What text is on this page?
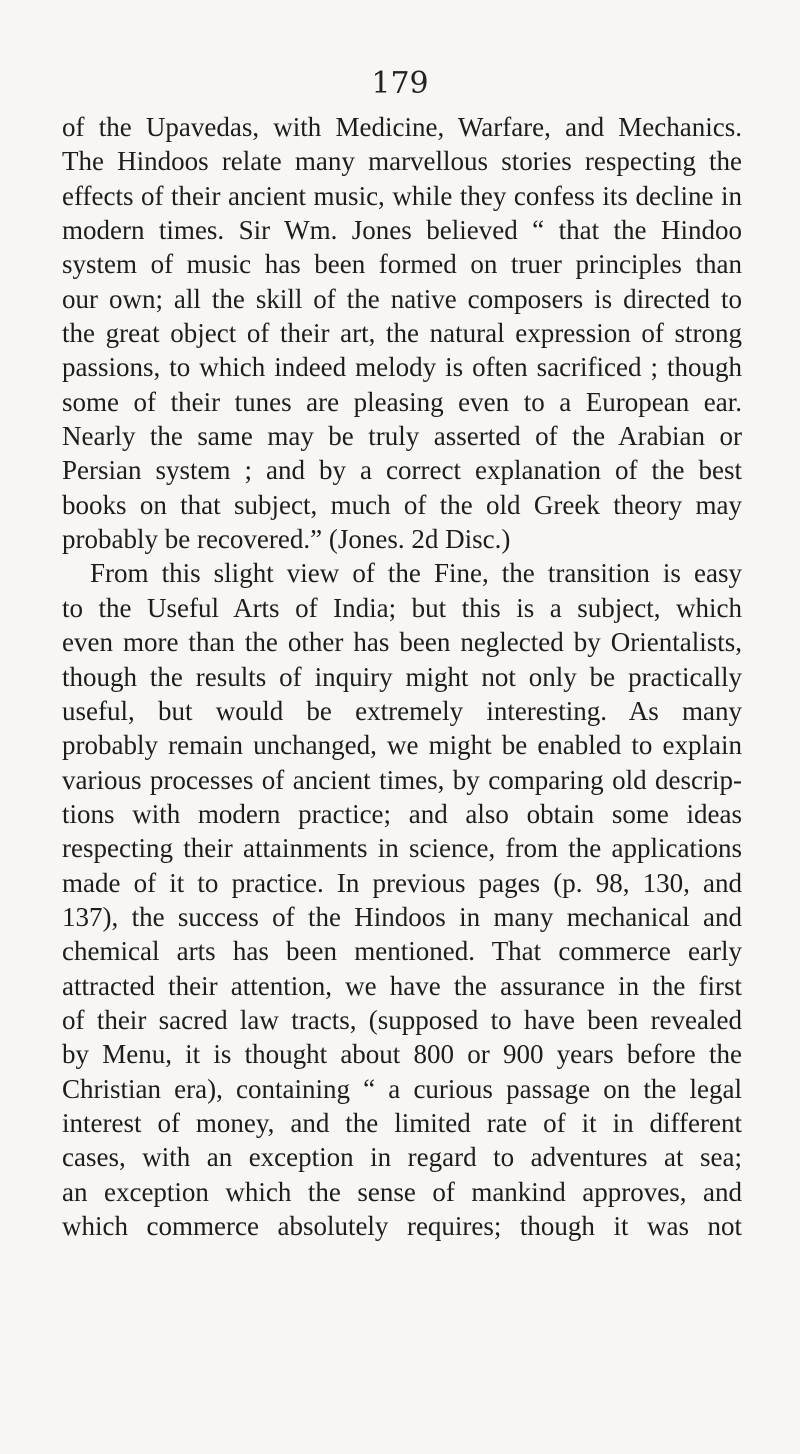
179
of the Upavedas, with Medicine, Warfare, and Mechanics.
The Hindoos relate many marvellous stories respecting the
effects of their ancient music, while they confess its decline in
modern times. Sir Wm. Jones believed “ that the Hindoo
system of music has been formed on truer principles than
our own; all the skill of the native composers is directed to
the great object of their art, the natural expression of strong
passions, to which indeed melody is often sacrificed ; though
some of their tunes are pleasing even to a European ear.
Nearly the same may be truly asserted of the Arabian or
Persian system ; and by a correct explanation of the best
books on that subject, much of the old Greek theory may
probably be recovered.” (Jones. 2d Disc.)
From this slight view of the Fine, the transition is easy
to the Useful Arts of India; but this is a subject, which
even more than the other has been neglected by Orientalists,
though the results of inquiry might not only be practically
useful, but would be extremely interesting. As many
probably remain unchanged, we might be enabled to explain
various processes of ancient times, by comparing old descrip-
tions with modern practice; and also obtain some ideas
respecting their attainments in science, from the applications
made of it to practice. In previous pages (p. 98, 130, and
137), the success of the Hindoos in many mechanical and
chemical arts has been mentioned. That commerce early
attracted their attention, we have the assurance in the first
of their sacred law tracts, (supposed to have been revealed
by Menu, it is thought about 800 or 900 years before the
Christian era), containing “ a curious passage on the legal
interest of money, and the limited rate of it in different
cases, with an exception in regard to adventures at sea;
an exception which the sense of mankind approves, and
which commerce absolutely requires; though it was not
